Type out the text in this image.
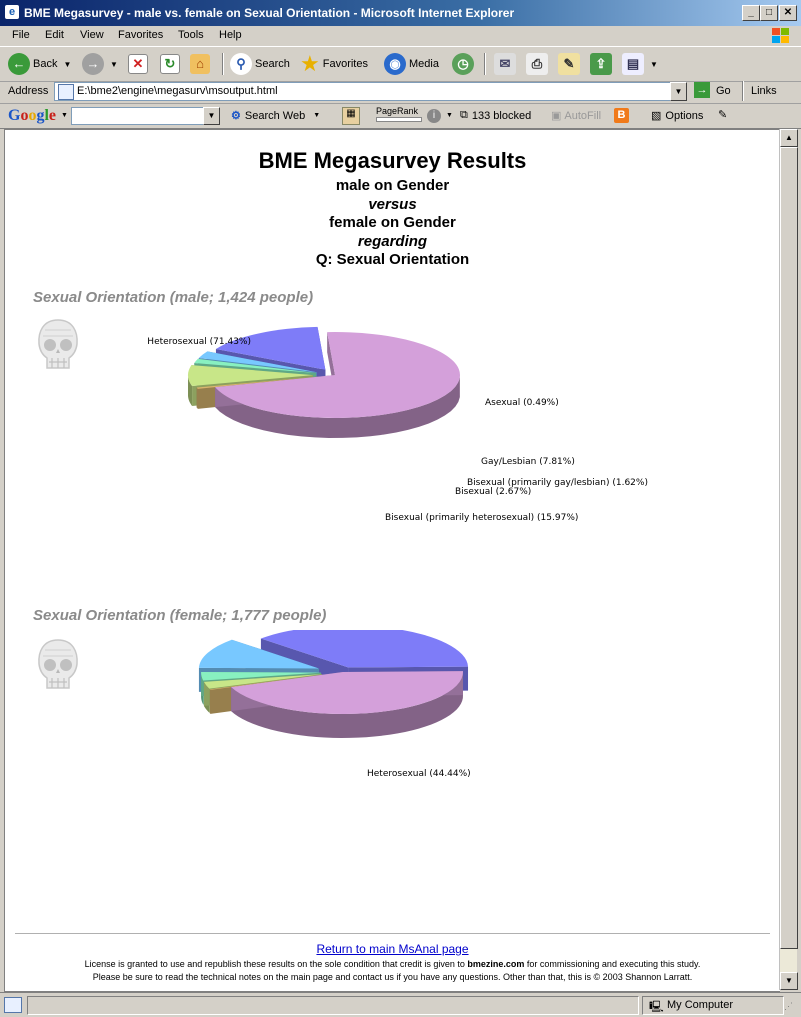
e BME Megasurvey - male vs. female on Sexual Orientation - Microsoft Internet Explorer	_	□	✕
File Edit View Favorites Tools Help
← Back ▼	→	▼	✕	↻	⌂	⚲ Search ★ Favorites	◉ Media	◷	✉	⎙	✎	⇪	▤	▼
Address	E:\bme2\engine\megasurv\msoutput.html	▼	→ Go Links
Google ▼	▼	⚙ Search Web ▼	▦	PageRank	i	▼ ⧉ 133 blocked ▣ AutoFill	B	▧ Options ✎
BME Megasurvey Results
male on Gender
versus
female on Gender
regarding
Q: Sexual Orientation
Sexual Orientation (male; 1,424 people)
Heterosexual (71.43%)
Asexual (0.49%)
Gay/Lesbian (7.81%)
Bisexual (primarily gay/lesbian) (1.62%)
Bisexual (2.67%)
Bisexual (primarily heterosexual) (15.97%)
Sexual Orientation (female; 1,777 people)
Heterosexual (44.44%)
Return to main MsAnal page
License is granted to use and republish these results on the sole condition that credit is given to bmezine.com for commissioning and executing this study.
Please be sure to read the technical notes on the main page and contact us if you have any questions. Other than that, this is © 2003 Shannon Larratt.
▲
▼
🖳 My Computer	⋰
